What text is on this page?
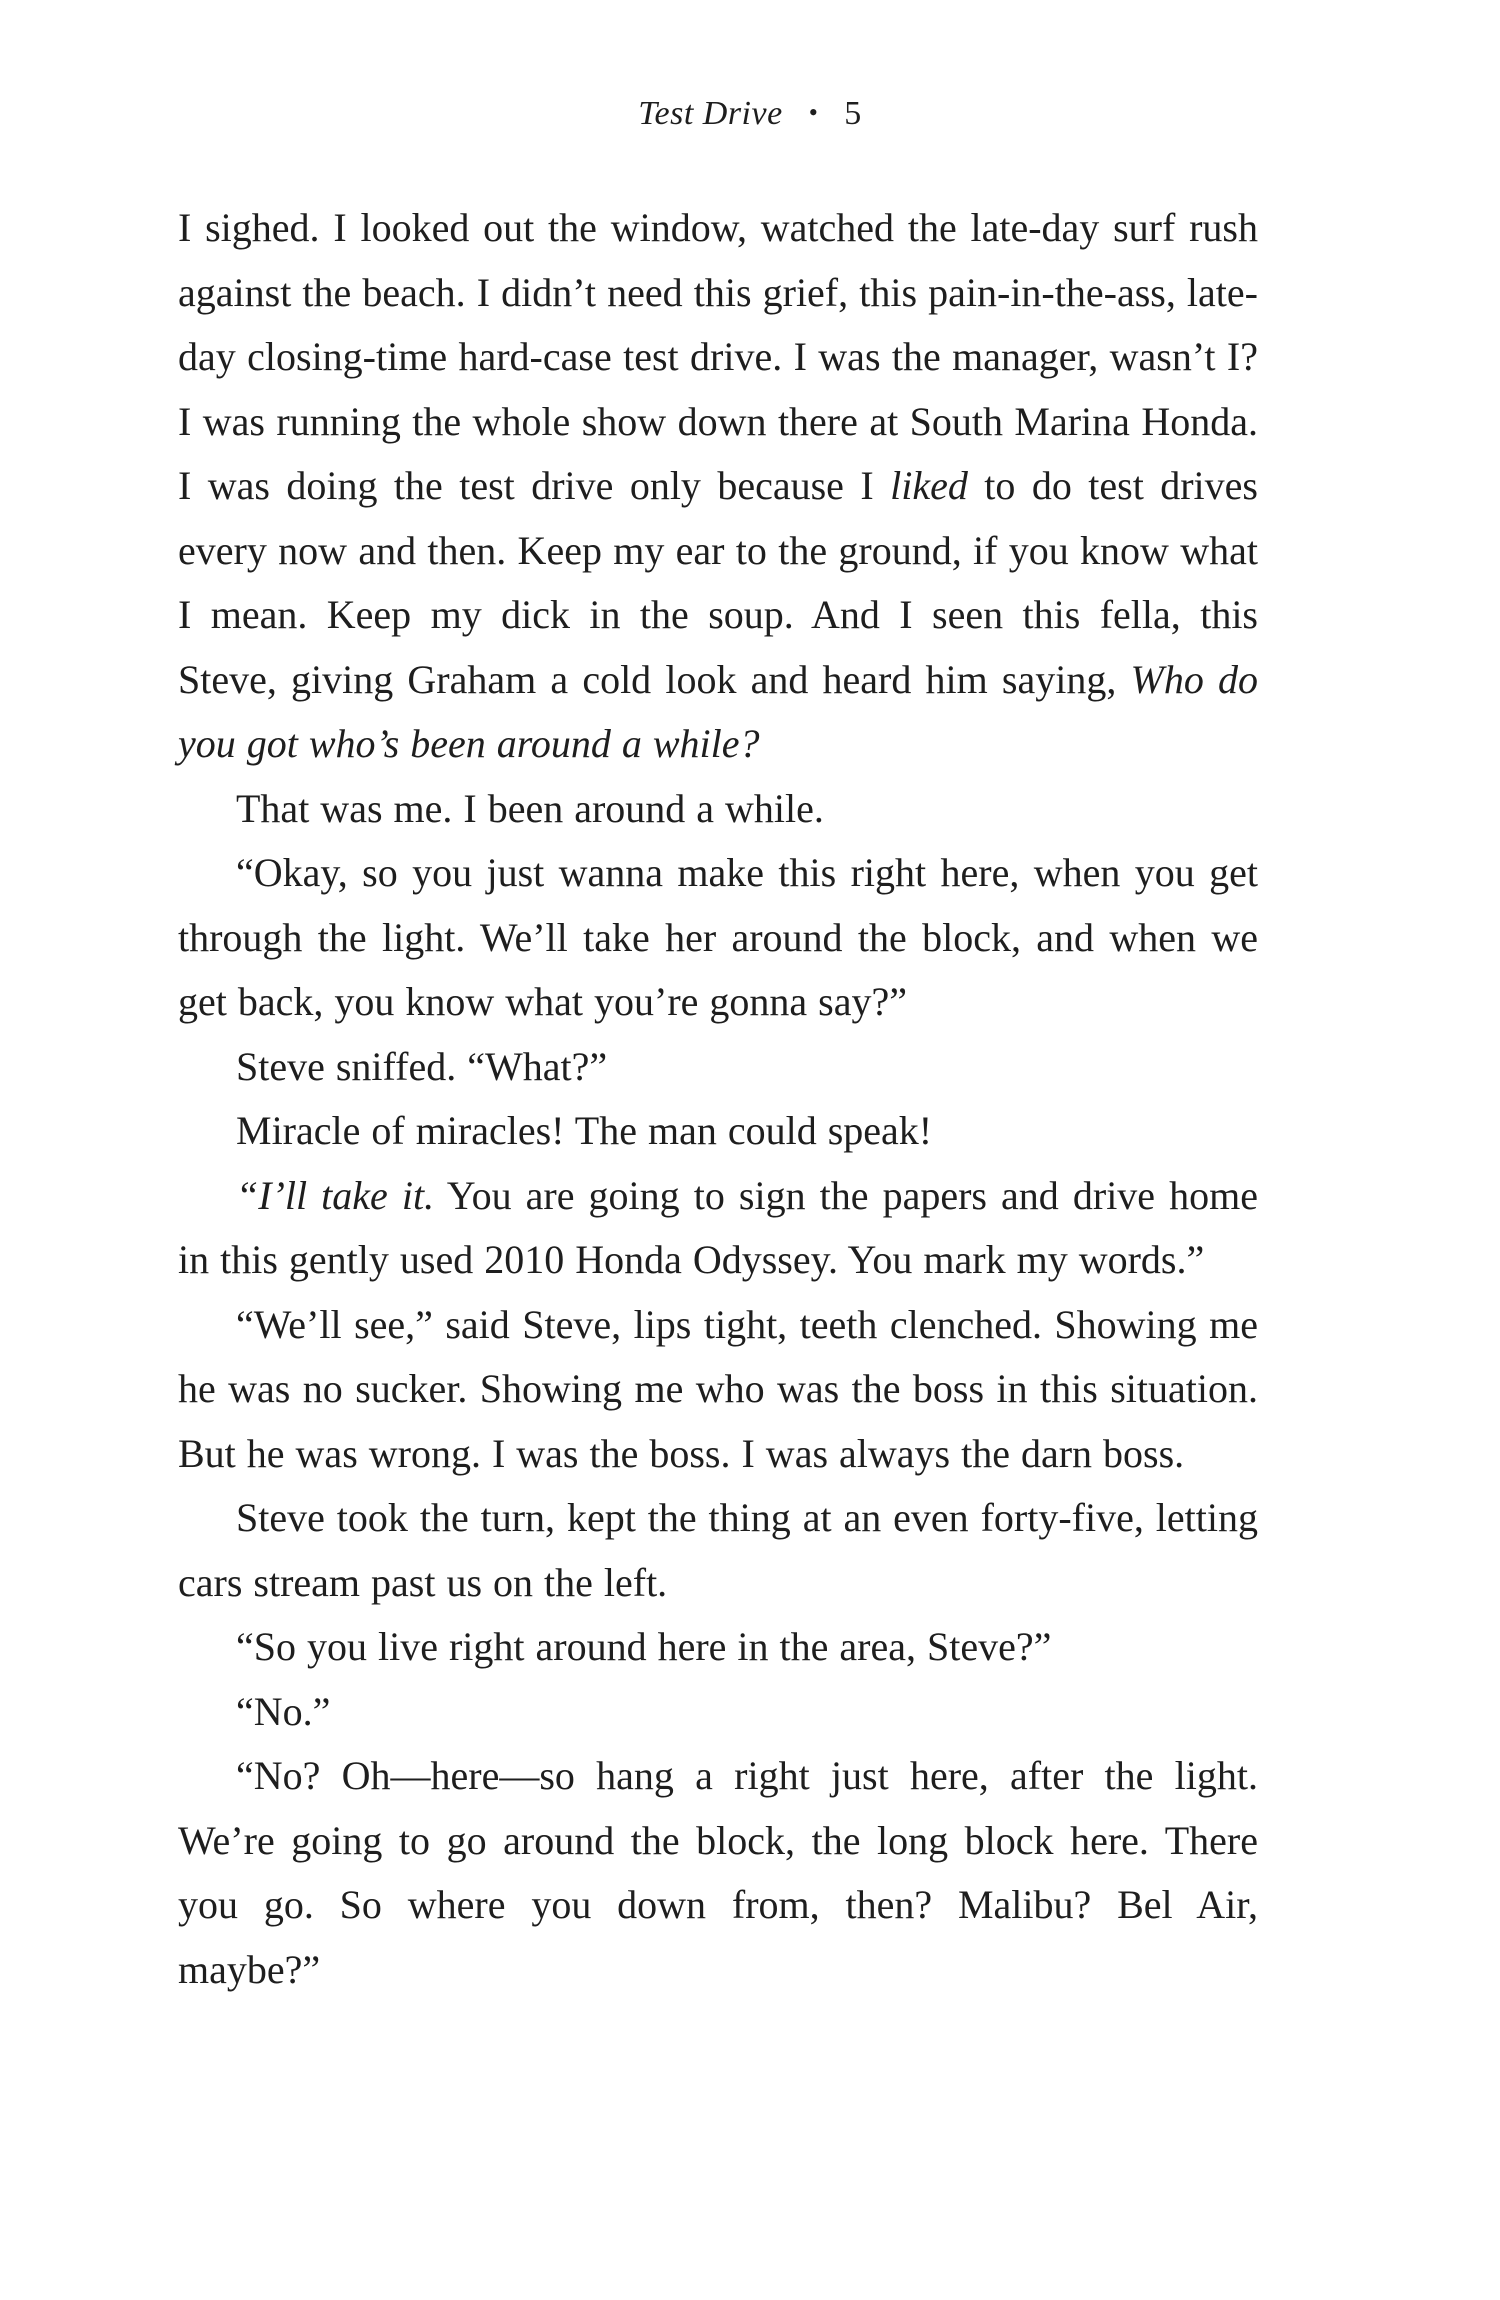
Test Drive • 5

I sighed. I looked out the window, watched the late-day surf rush against the beach. I didn’t need this grief, this pain-in-the-ass, late-day closing-time hard-case test drive. I was the manager, wasn’t I? I was running the whole show down there at South Marina Honda. I was doing the test drive only because I liked to do test drives every now and then. Keep my ear to the ground, if you know what I mean. Keep my dick in the soup. And I seen this fella, this Steve, giving Graham a cold look and heard him saying, Who do you got who’s been around a while?

That was me. I been around a while.

“Okay, so you just wanna make this right here, when you get through the light. We’ll take her around the block, and when we get back, you know what you’re gonna say?”

Steve sniffed. “What?”

Miracle of miracles! The man could speak!

“I’ll take it. You are going to sign the papers and drive home in this gently used 2010 Honda Odyssey. You mark my words.”

“We’ll see,” said Steve, lips tight, teeth clenched. Showing me he was no sucker. Showing me who was the boss in this situation. But he was wrong. I was the boss. I was always the darn boss.

Steve took the turn, kept the thing at an even forty-five, letting cars stream past us on the left.

“So you live right around here in the area, Steve?”

“No.”

“No? Oh—here—so hang a right just here, after the light. We’re going to go around the block, the long block here. There you go. So where you down from, then? Malibu? Bel Air, maybe?”
